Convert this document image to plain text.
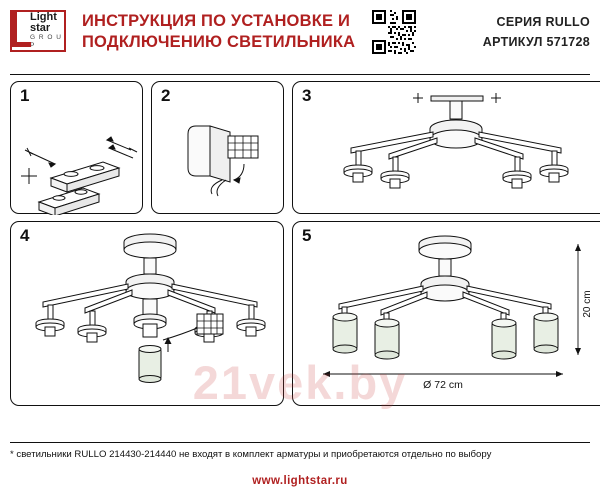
Light
star
G R O U P
ИНСТРУКЦИЯ ПО УСТАНОВКЕ И
ПОДКЛЮЧЕНИЮ СВЕТИЛЬНИКА
СЕРИЯ RULLO
АРТИКУЛ 571728
1	2	3
4	5
20 cm
Ø 72 cm
21vek.by
* светильники RULLO 214430-214440 не входят в комплект арматуры и приобретаются отдельно по выбору
www.lightstar.ru
